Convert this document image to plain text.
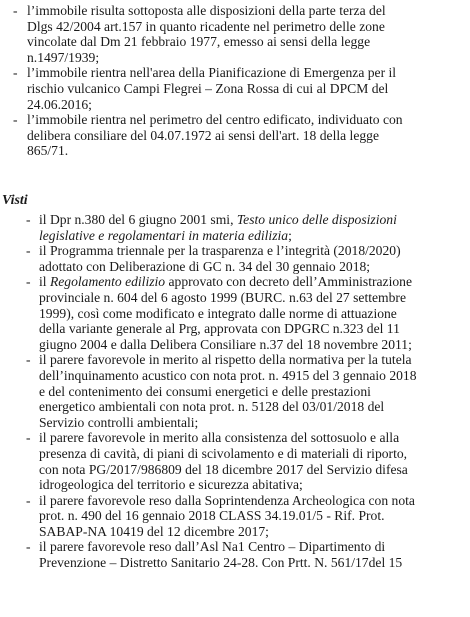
- l’immobile risulta sottoposta alle disposizioni della parte terza del
Dlgs 42/2004 art.157 in quanto ricadente nel perimetro delle zone
vincolate dal Dm 21 febbraio 1977, emesso ai sensi della legge
n.1497/1939;
- l’immobile rientra nell'area della Pianificazione di Emergenza per il
rischio vulcanico Campi Flegrei – Zona Rossa di cui al DPCM del
24.06.2016;
- l’immobile rientra nel perimetro del centro edificato, individuato con
delibera consiliare del 04.07.1972 ai sensi dell'art. 18 della legge
865/71.
Visti
- il Dpr n.380 del 6 giugno 2001 smi, Testo unico delle disposizioni
legislative e regolamentari in materia edilizia;
- il Programma triennale per la trasparenza e l’integrità (2018/2020)
adottato con Deliberazione di GC n. 34 del 30 gennaio 2018;
- il Regolamento edilizio approvato con decreto dell’Amministrazione
provinciale n. 604 del 6 agosto 1999 (BURC. n.63 del 27 settembre
1999), così come modificato e integrato dalle norme di attuazione
della variante generale al Prg, approvata con DPGRC n.323 del 11
giugno 2004 e dalla Delibera Consiliare n.37 del 18 novembre 2011;
- il parere favorevole in merito al rispetto della normativa per la tutela
dell’inquinamento acustico con nota prot. n. 4915 del 3 gennaio 2018
e del contenimento dei consumi energetici e delle prestazioni
energetico ambientali con nota prot. n. 5128 del 03/01/2018 del
Servizio controlli ambientali;
- il parere favorevole in merito alla consistenza del sottosuolo e alla
presenza di cavità, di piani di scivolamento e di materiali di riporto,
con nota PG/2017/986809 del 18 dicembre 2017 del Servizio difesa
idrogeologica del territorio e sicurezza abitativa;
- il parere favorevole reso dalla Soprintendenza Archeologica con nota
prot. n. 490 del 16 gennaio 2018 CLASS 34.19.01/5 - Rif. Prot.
SABAP-NA 10419 del 12 dicembre 2017;
- il parere favorevole reso dall’Asl Na1 Centro – Dipartimento di
Prevenzione – Distretto Sanitario 24-28. Con Prtt. N. 561/17del 15
